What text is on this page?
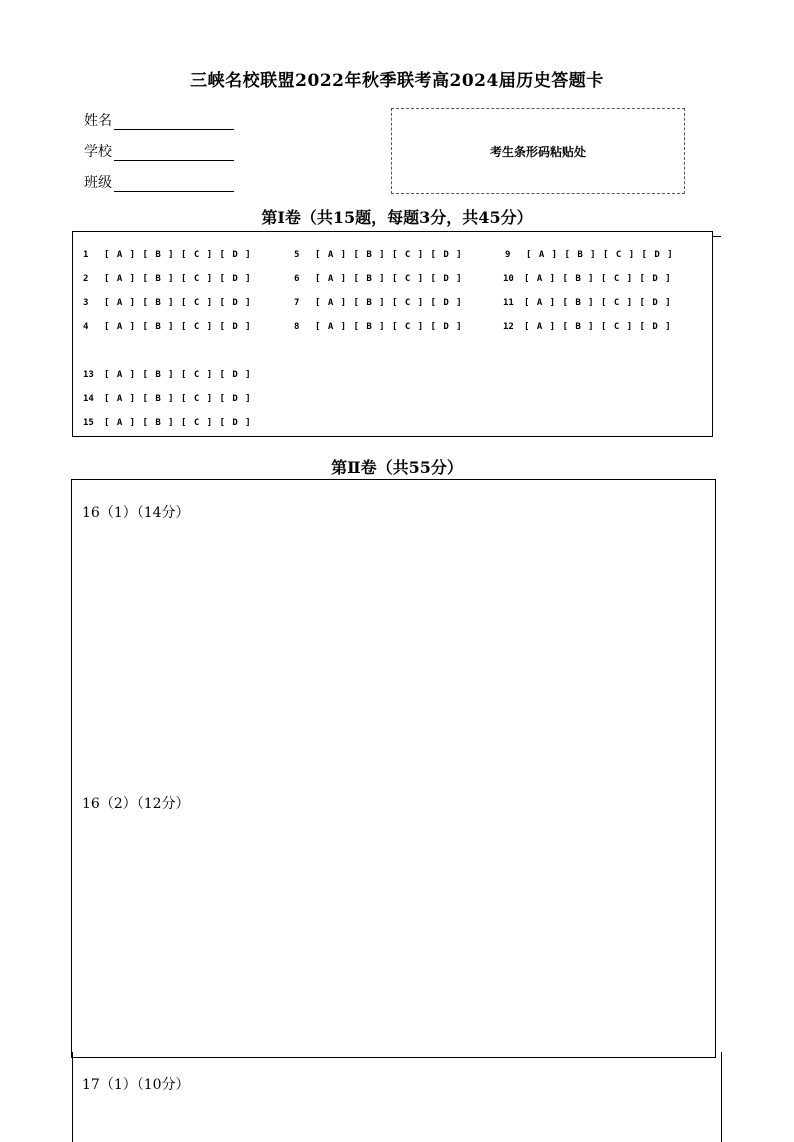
三峡名校联盟2022年秋季联考高2024届历史答题卡
姓名
学校
班级
考生条形码粘贴处
第I卷（共15题，每题3分，共45分）
1 [ A ] [ B ] [ C ] [ D ]
2 [ A ] [ B ] [ C ] [ D ]
3 [ A ] [ B ] [ C ] [ D ]
4 [ A ] [ B ] [ C ] [ D ]
5 [ A ] [ B ] [ C ] [ D ]
6 [ A ] [ B ] [ C ] [ D ]
7 [ A ] [ B ] [ C ] [ D ]
8 [ A ] [ B ] [ C ] [ D ]
9 [ A ] [ B ] [ C ] [ D ]
10 [ A ] [ B ] [ C ] [ D ]
11 [ A ] [ B ] [ C ] [ D ]
12 [ A ] [ B ] [ C ] [ D ]
13 [ A ] [ B ] [ C ] [ D ]
14 [ A ] [ B ] [ C ] [ D ]
15 [ A ] [ B ] [ C ] [ D ]
第Ⅱ卷（共55分）
16（1）（14分）
16（2）（12分）
17（1）（10分）
